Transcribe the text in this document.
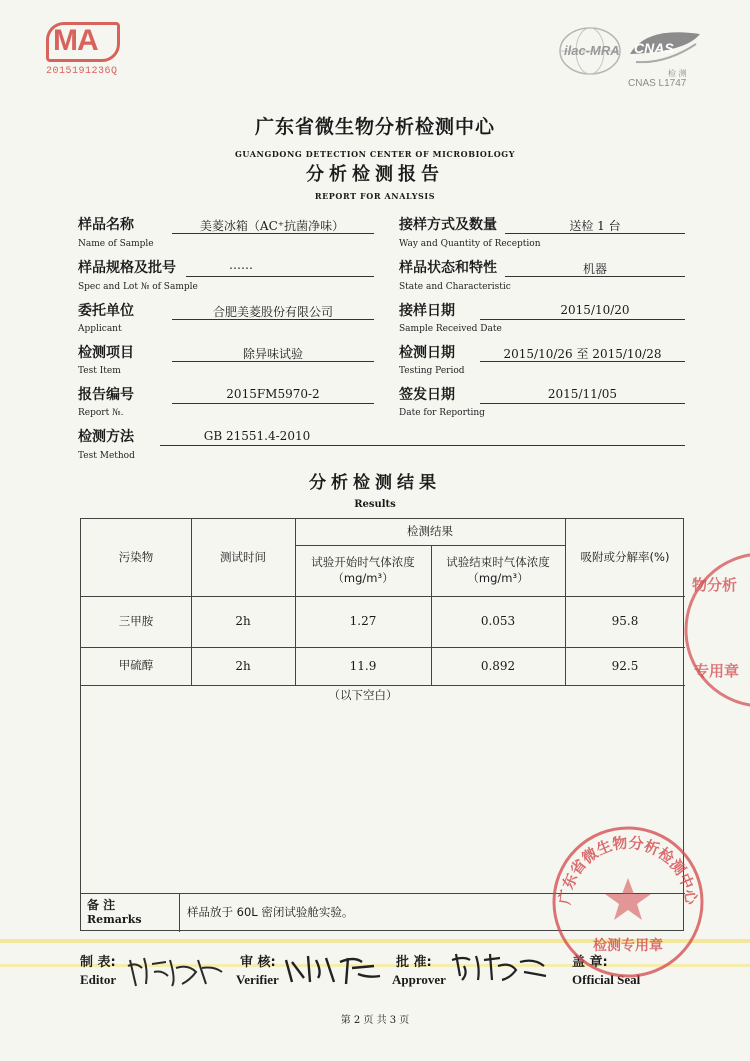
MA
2015191236Q
ilac-MRA CNAS
检 测
CNAS L1747
广东省微生物分析检测中心
GUANGDONG DETECTION CENTER OF MICROBIOLOGY
分析检测报告
REPORT FOR ANALYSIS
样品名称	美菱冰箱（AC⁺抗菌净味）
Name of Sample
接样方式及数量	送检 1 台
Way and Quantity of Reception
样品规格及批号	……
Spec and Lot № of Sample
样品状态和特性	机器
State and Characteristic
委托单位	合肥美菱股份有限公司
Applicant
接样日期	2015/10/20
Sample Received Date
检测项目	除异味试验
Test Item
检测日期	2015/10/26 至 2015/10/28
Testing Period
报告编号	2015FM5970-2
Report №.
签发日期	2015/11/05
Date for Reporting
检测方法	GB 21551.4-2010
Test Method
分析检测结果
Results
污染物	测试时间
检测结果
试验开始时气体浓度
（mg/m³）
试验结束时气体浓度
（mg/m³）
吸附或分解率(%)
三甲胺	2h	1.27	0.053	95.8
甲硫醇	2h	11.9	0.892	92.5
（以下空白）
备 注
Remarks
样品放于 60L 密闭试验舱实验。
制 表:
Editor
审 核:
Verifier
批 准:
Approver
盖 章:
Official Seal
第 2 页 共 3 页
广东省微生物分析检测中心
检测专用章
物分析
专用章
